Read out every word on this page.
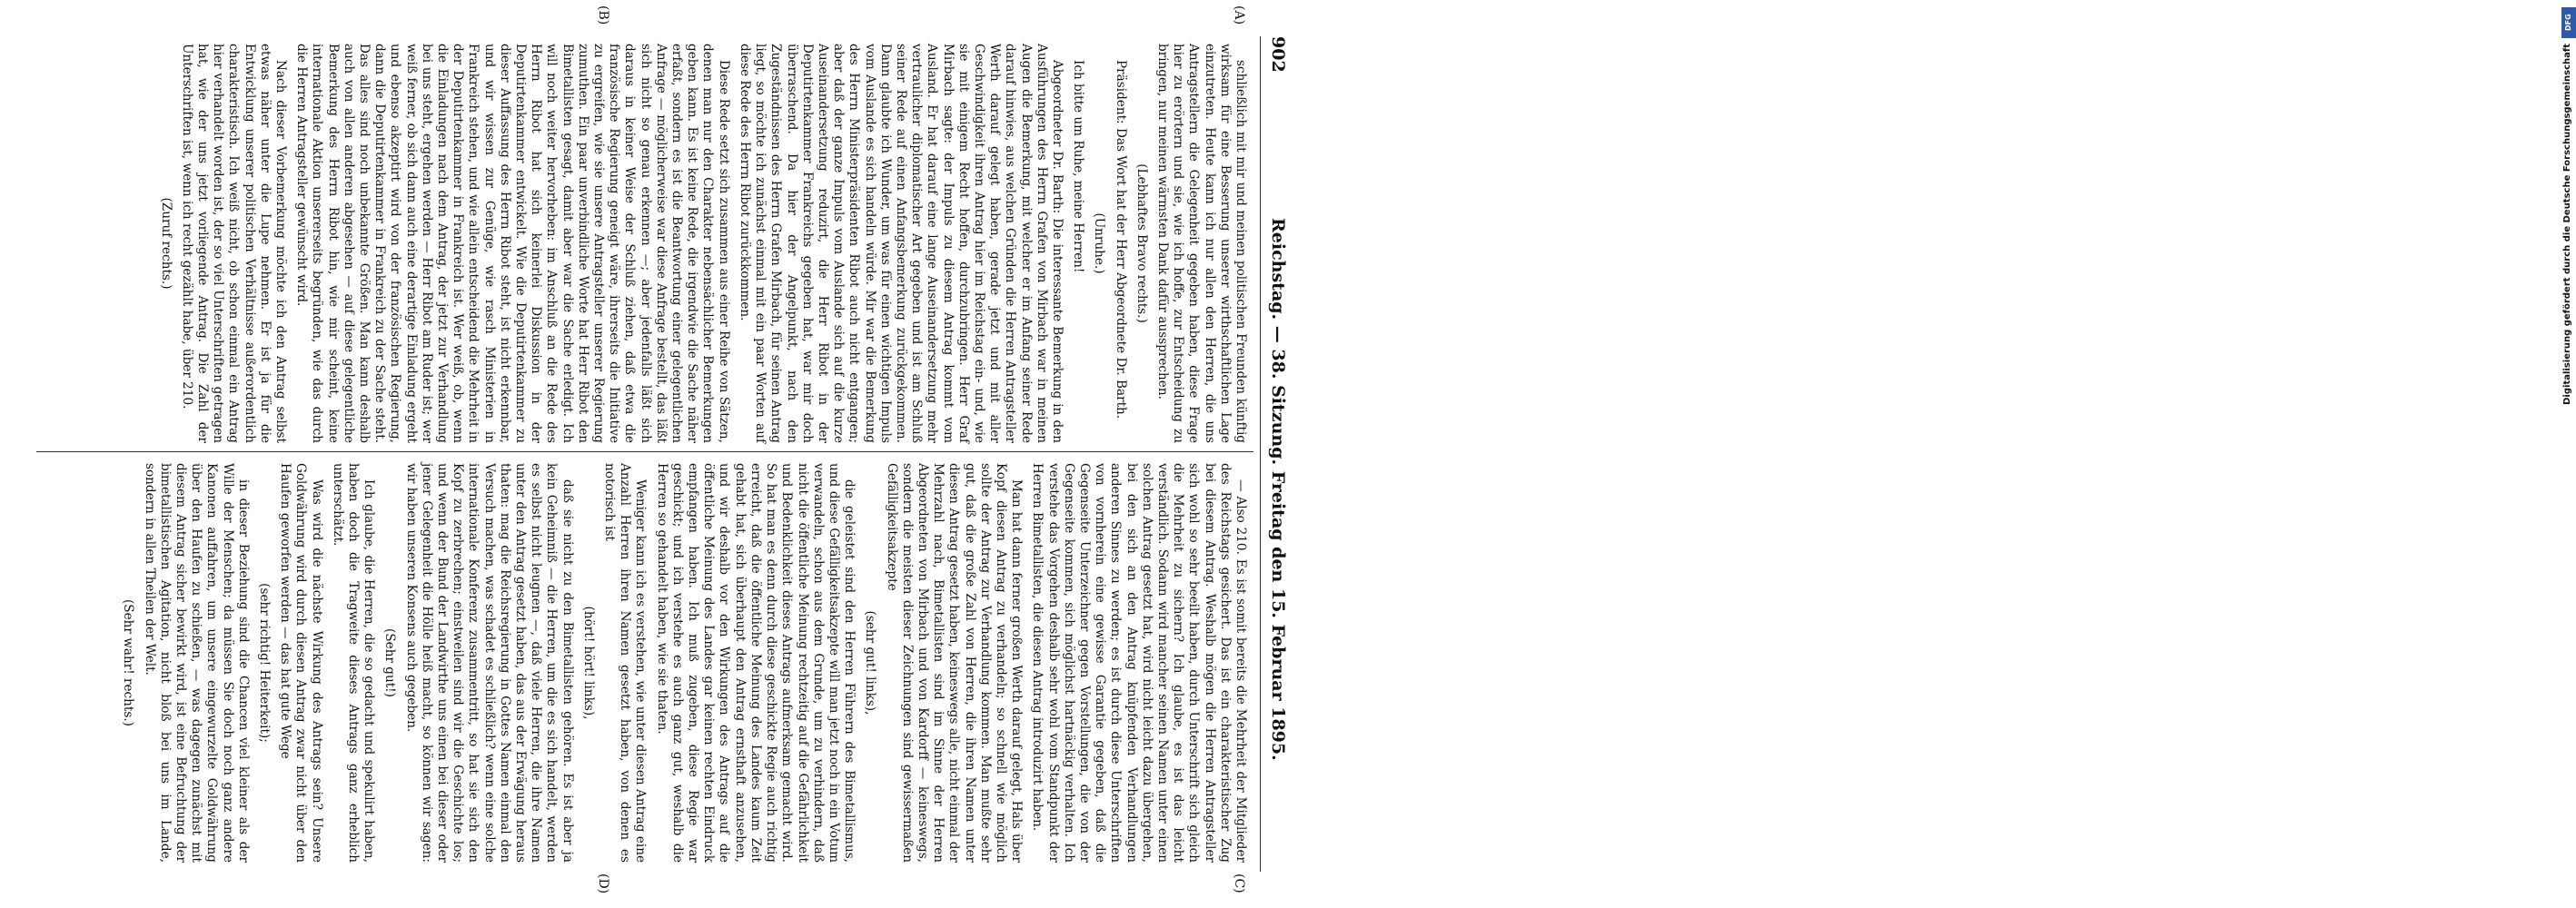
902
Reichstag. — 38. Sitzung. Freitag den 15. Februar 1895.
(A)
(B)
(C)
(D)

schließlich mit mir und meinen politischen Freunden künftig wirksam für eine Besserung unserer wirthschaftlichen Lage einzutreten. Heute kann ich nur allen den Herren, die uns Antragstellern die Gelegenheit gegeben haben, diese Frage hier zu erörtern und sie, wie ich hoffe, zur Entscheidung zu bringen, nur meinen wärmsten Dank dafür aussprechen.

(Lebhaftes Bravo rechts.)

Präsident: Das Wort hat der Herr Abgeordnete Dr. Barth.

(Unruhe.)

Ich bitte um Ruhe, meine Herren!

Abgeordneter Dr. Barth: Die interessante Bemerkung in den Ausführungen des Herrn Grafen von Mirbach war in meinen Augen die Bemerkung, mit welcher er im Anfang seiner Rede darauf hinwies, aus welchen Gründen die Herren Antragsteller Werth darauf gelegt haben, gerade jetzt und mit aller Geschwindigkeit ihren Antrag hier im Reichstag ein- und, wie sie mit einigem Recht hoffen, durchzubringen. Herr Graf Mirbach sagte: der Impuls zu diesem Antrag kommt vom Ausland. Er hat darauf eine lange Auseinandersetzung mehr vertraulicher diplomatischer Art gegeben und ist am Schluß seiner Rede auf einen Anfangsbemerkung zurückgekommen. Dann glaubte ich Wunder, um was für einen wichtigen Impuls vom Auslande es sich handeln würde. Mir war die Bemerkung des Herrn Ministerpräsidenten Ribot auch nicht entgangen; aber daß der ganze Impuls vom Auslande sich auf die kurze Auseinandersetzung reduzirt, die Herr Ribot in der Deputirtenkammer Frankreichs gegeben hat, war mir doch überraschend. Da hier der Angelpunkt, nach den Zugeständnissen des Herrn Grafen Mirbach, für seinen Antrag liegt, so möchte ich zunächst einmal mit ein paar Worten auf diese Rede des Herrn Ribot zurückkommen.

Diese Rede setzt sich zusammen aus einer Reihe von Sätzen, denen man nur den Charakter nebensächlicher Bemerkungen geben kann. Es ist keine Rede, die irgendwie die Sache näher erfaßt, sondern es ist die Beantwortung einer gelegentlichen Anfrage — möglicherweise war diese Anfrage bestellt, das läßt sich nicht so genau erkennen —; aber jedenfalls läßt sich daraus in keiner Weise der Schluß ziehen, daß etwa die französische Regierung geneigt wäre, ihrerseits die Initiative zu ergreifen, wie sie unsere Antragsteller unserer Regierung zumuthen. Ein paar unverbindliche Worte hat Herr Ribot den Bimetallisten gesagt, damit aber war die Sache erledigt. Ich will noch weiter hervorheben: im Anschluß an die Rede des Herrn Ribot hat sich keinerlei Diskussion in der Deputirtenkammer entwickelt. Wie die Deputirtenkammer zu dieser Auffassung des Herrn Ribot steht, ist nicht erkennbar, und wir wissen zur Genüge, wie rasch Ministerien in Frankreich stehen, und wie allein entscheidend die Mehrheit in der Deputirtenkammer in Frankreich ist. Wer weiß, ob, wenn die Einladungen nach dem Antrag, der jetzt zur Verhandlung bei uns steht, ergehen werden — Herr Ribot am Ruder ist; wer weiß ferner, ob sich dann auch eine derartige Einladung ergeht und ebenso akzeptirt wird von der französischen Regierung, dann die Deputirtenkammer in Frankreich zu der Sache steht. Das alles sind noch unbekannte Größen. Man kann deshalb auch von allen anderen abgesehen — auf diese gelegentliche Bemerkung des Herrn Ribot hin, wie mir scheint, keine internationale Aktion unsererseits begründen, wie das durch die Herren Antragsteller gewünscht wird.

Nach dieser Vorbemerkung möchte ich den Antrag selbst etwas näher unter die Lupe nehmen. Er ist ja für die Entwicklung unserer politischen Verhältnisse außerordentlich charakteristisch. Ich weiß nicht, ob schon einmal ein Antrag hier verhandelt worden ist, der so viel Unterschriften getragen hat, wie der uns jetzt vorliegende Antrag. Die Zahl der Unterschriften ist, wenn ich recht gezählt habe, über 210.

(Zuruf rechts.)

— Also 210. Es ist somit bereits die Mehrheit der Mitglieder des Reichstags gesichert. Das ist ein charakteristischer Zug bei diesem Antrag. Weshalb mögen die Herren Antragsteller sich wohl so sehr beeilt haben, durch Unterschrift sich gleich die Mehrheit zu sichern? Ich glaube, es ist das leicht verständlich. Sodann wird mancher seinen Namen unter einen solchen Antrag gesetzt hat, wird nicht leicht dazu übergehen, bei den sich an den Antrag knüpfenden Verhandlungen anderen Sinnes zu werden; es ist durch diese Unterschriften von vornherein eine gewisse Garantie gegeben, daß die Gegenseite Unterzeichner gegen Vorstellungen, die von der Gegenseite kommen, sich möglichst hartnäckig verhalten. Ich verstehe das Vorgehen deshalb sehr wohl vom Standpunkt der Herren Bimetallisten, die diesen Antrag introduzirt haben.

Man hat dann ferner großen Werth darauf gelegt, Hals über Kopf diesen Antrag zu verhandeln; so schnell wie möglich sollte der Antrag zur Verhandlung kommen. Man mußte sehr gut, daß die große Zahl von Herren, die ihren Namen unter diesen Antrag gesetzt haben, keineswegs alle, nicht einmal der Mehrzahl nach, Bimetallisten sind im Sinne der Herren Abgeordneten von Mirbach und von Kardorff — keineswegs, sondern die meisten dieser Zeichnungen sind gewissermaßen Gefälligkeitsakzepte

(sehr gut! links),

die geleistet sind den Herren Führern des Bimetallismus, und diese Gefälligkeitsakzepte will man jetzt noch in ein Votum verwandeln, schon aus dem Grunde, um zu verhindern, daß nicht die öffentliche Meinung rechtzeitig auf die Gefährlichkeit und Bedenklichkeit dieses Antrags aufmerksam gemacht wird. So hat man es denn durch diese geschickte Regie auch richtig erreicht, daß die öffentliche Meinung des Landes kaum Zeit gehabt hat, sich überhaupt den Antrag ernsthaft anzusehen, und wir deshalb vor den Wirkungen des Antrags auf die öffentliche Meinung des Landes gar keinen rechten Eindruck empfangen haben. Ich muß zugeben, diese Regie war geschickt; und ich verstehe es auch ganz gut, weshalb die Herren so gehandelt haben, wie sie thaten.

Weniger kann ich es verstehen, wie unter diesen Antrag eine Anzahl Herren ihren Namen gesetzt haben, von denen es notorisch ist

(hört! hört! links),

daß sie nicht zu den Bimetallisten gehören. Es ist aber ja kein Geheimniß — die Herren, um die es sich handelt, werden es selbst nicht leugnen —, daß viele Herren, die ihre Namen unter den Antrag gesetzt haben, das aus der Erwägung heraus thaten: mag die Reichsregierung in Gottes Namen einmal den Versuch machen, was schadet es schließlich? wenn eine solche internationale Konferenz zusammentritt, so hat sie sich den Kopf zu zerbrechen; einstweilen sind wir die Geschichte los; und wenn der Bund der Landwirthe uns einen bei dieser oder jener Gelegenheit die Hölle heiß macht, so können wir sagen: wir haben unseren Konsens auch gegeben.

(Sehr gut!)

Ich glaube, die Herren, die so gedacht und spekulirt haben, haben doch die Tragweite dieses Antrags ganz erheblich unterschätzt.

Was wird die nächste Wirkung des Antrags sein? Unsere Goldwährung wird durch diesen Antrag zwar nicht über den Haufen geworfen werden — das hat gute Wege

(sehr richtig! Heiterkeit);

in dieser Beziehung sind die Chancen viel kleiner als der Wille der Menschen; da müssen Sie doch noch ganz andere Kanonen auffahren, um unsere eingewurzelte Goldwährung über den Haufen zu schießen, — was dagegen zunächst mit diesem Antrag sicher bewirkt wird, ist eine Befruchtung der bimetallistischen Agitation, nicht bloß bei uns im Lande, sondern in allen Theilen der Welt.

(Sehr wahr! rechts.)

DFG
Digitalisierung gefördert durch die Deutsche Forschungsgemeinschaft
